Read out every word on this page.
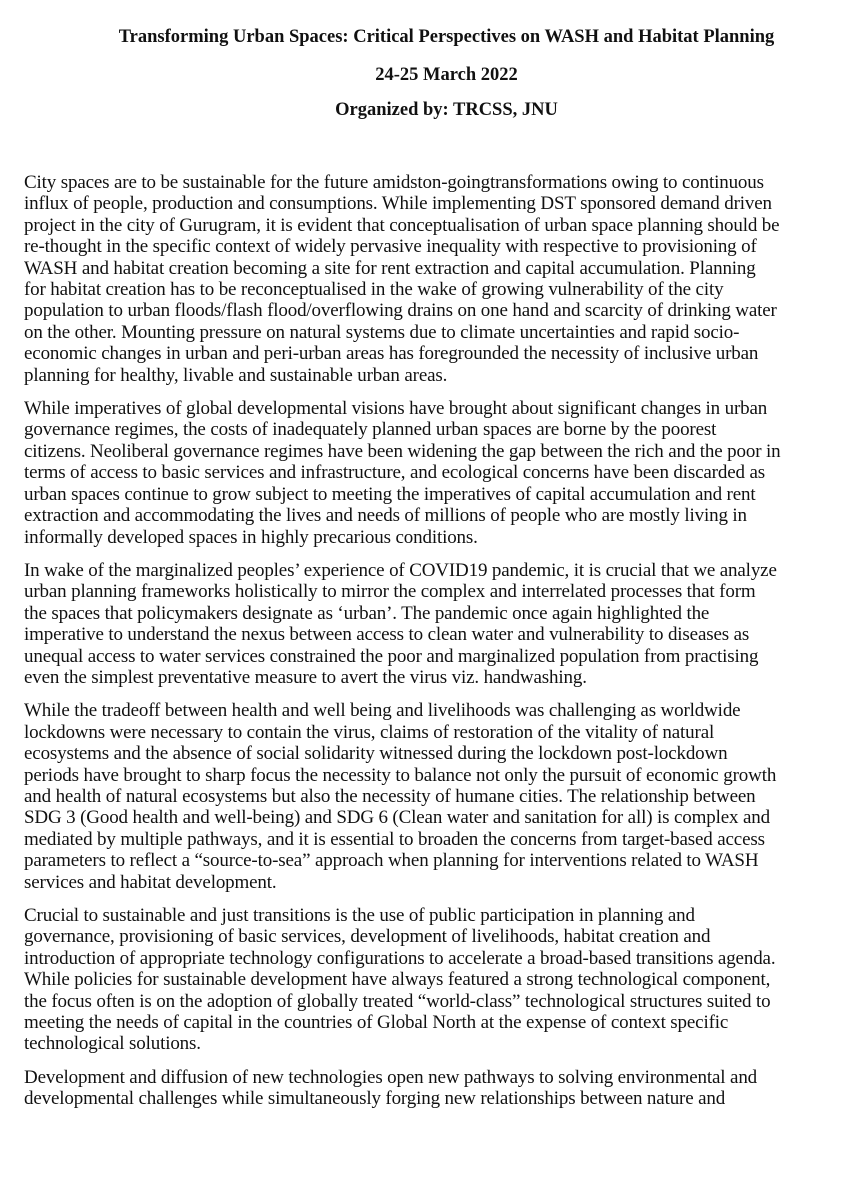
Transforming Urban Spaces: Critical Perspectives on WASH and Habitat Planning
24-25 March 2022
Organized by: TRCSS, JNU

City spaces are to be sustainable for the future amidston-goingtransformations owing to continuous
influx of people, production and consumptions. While implementing DST sponsored demand driven
project in the city of Gurugram, it is evident that conceptualisation of urban space planning should be
re-thought in the specific context of widely pervasive inequality with respective to provisioning of
WASH and habitat creation becoming a site for rent extraction and capital accumulation. Planning
for habitat creation has to be reconceptualised in the wake of growing vulnerability of the city
population to urban floods/flash flood/overflowing drains on one hand and scarcity of drinking water
on the other. Mounting pressure on natural systems due to climate uncertainties and rapid socio-
economic changes in urban and peri-urban areas has foregrounded the necessity of inclusive urban
planning for healthy, livable and sustainable urban areas.

While imperatives of global developmental visions have brought about significant changes in urban
governance regimes, the costs of inadequately planned urban spaces are borne by the poorest
citizens. Neoliberal governance regimes have been widening the gap between the rich and the poor in
terms of access to basic services and infrastructure, and ecological concerns have been discarded as
urban spaces continue to grow subject to meeting the imperatives of capital accumulation and rent
extraction and accommodating the lives and needs of millions of people who are mostly living in
informally developed spaces in highly precarious conditions.

In wake of the marginalized peoples’ experience of COVID19 pandemic, it is crucial that we analyze
urban planning frameworks holistically to mirror the complex and interrelated processes that form
the spaces that policymakers designate as ‘urban’. The pandemic once again highlighted the
imperative to understand the nexus between access to clean water and vulnerability to diseases as
unequal access to water services constrained the poor and marginalized population from practising
even the simplest preventative measure to avert the virus viz. handwashing.

While the tradeoff between health and well being and livelihoods was challenging as worldwide
lockdowns were necessary to contain the virus, claims of restoration of the vitality of natural
ecosystems and the absence of social solidarity witnessed during the lockdown post-lockdown
periods have brought to sharp focus the necessity to balance not only the pursuit of economic growth
and health of natural ecosystems but also the necessity of humane cities. The relationship between
SDG 3 (Good health and well-being) and SDG 6 (Clean water and sanitation for all) is complex and
mediated by multiple pathways, and it is essential to broaden the concerns from target-based access
parameters to reflect a “source-to-sea” approach when planning for interventions related to WASH
services and habitat development.

Crucial to sustainable and just transitions is the use of public participation in planning and
governance, provisioning of basic services, development of livelihoods, habitat creation and
introduction of appropriate technology configurations to accelerate a broad-based transitions agenda.
While policies for sustainable development have always featured a strong technological component,
the focus often is on the adoption of globally treated “world-class” technological structures suited to
meeting the needs of capital in the countries of Global North at the expense of context specific
technological solutions.

Development and diffusion of new technologies open new pathways to solving environmental and
developmental challenges while simultaneously forging new relationships between nature and
